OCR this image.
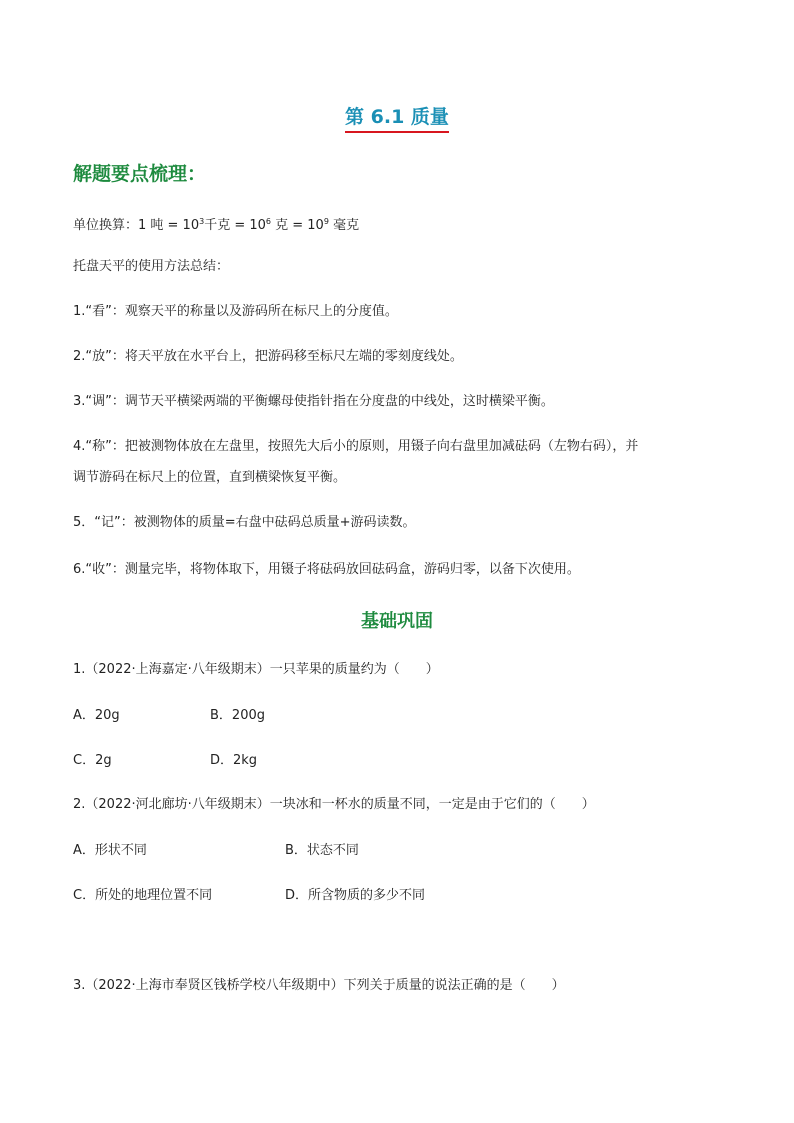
第 6.1 质量
解题要点梳理：
单位换算：1 吨 = $10^3$千克 = $10^6$ 克 = $10^9$ 毫克
托盘天平的使用方法总结：
1.“看”：观察天平的称量以及游码所在标尺上的分度值。
2.“放”：将天平放在水平台上，把游码移至标尺左端的零刻度线处。
3.“调”：调节天平横梁两端的平衡螺母使指针指在分度盘的中线处，这时横梁平衡。
4.“称”：把被测物体放在左盘里，按照先大后小的原则，用镊子向右盘里加减砝码（左物右码），并
调节游码在标尺上的位置，直到横梁恢复平衡。
5．“记”：被测物体的质量=右盘中砝码总质量+游码读数。
6.“收”：测量完毕，将物体取下，用镊子将砝码放回砝码盒，游码归零，以备下次使用。
基础巩固
1.（2022·上海嘉定·八年级期末）一只苹果的质量约为（　　）
A．20g	B．200g
C．2g	D．2kg
2.（2022·河北廊坊·八年级期末）一块冰和一杯水的质量不同，一定是由于它们的（　　）
A．形状不同	B．状态不同
C．所处的地理位置不同	D．所含物质的多少不同
3.（2022·上海市奉贤区钱桥学校八年级期中）下列关于质量的说法正确的是（　　）
